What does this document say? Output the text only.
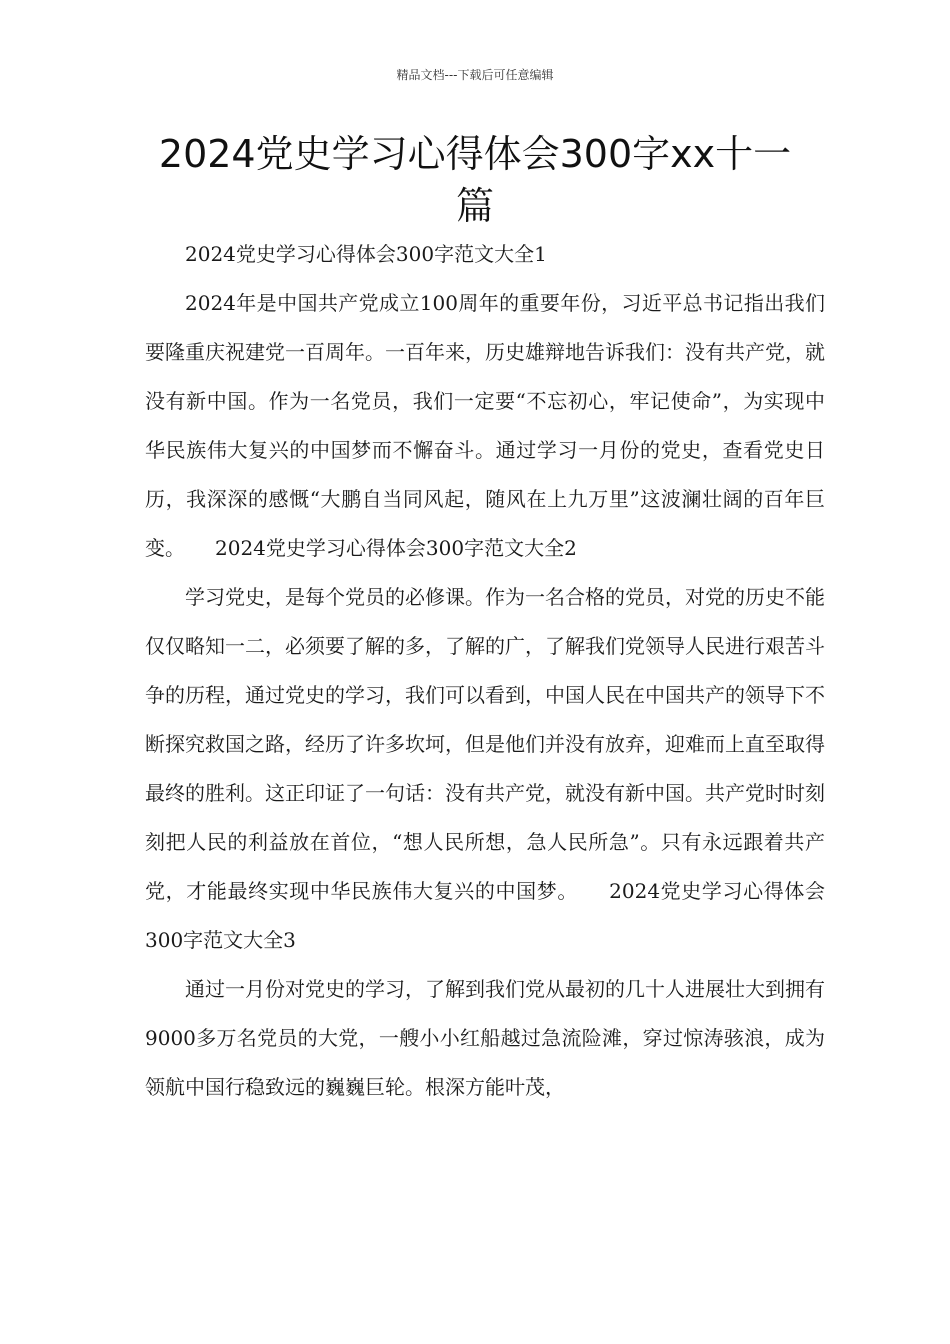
精品文档---下载后可任意编辑
2024党史学习心得体会300字xx十一篇

2024党史学习心得体会300字范文大全1

2024年是中国共产党成立100周年的重要年份，习近平总书记指出我们要隆重庆祝建党一百周年。一百年来，历史雄辩地告诉我们：没有共产党，就没有新中国。作为一名党员，我们一定要“不忘初心，牢记使命”，为实现中华民族伟大复兴的中国梦而不懈奋斗。通过学习一月份的党史，查看党史日历，我深深的感慨“大鹏自当同风起，随风在上九万里”这波澜壮阔的百年巨变。　　2024党史学习心得体会300字范文大全2

学习党史，是每个党员的必修课。作为一名合格的党员，对党的历史不能仅仅略知一二，必须要了解的多，了解的广，了解我们党领导人民进行艰苦斗争的历程，通过党史的学习，我们可以看到，中国人民在中国共产的领导下不断探究救国之路，经历了许多坎坷，但是他们并没有放弃，迎难而上直至取得最终的胜利。这正印证了一句话：没有共产党，就没有新中国。共产党时时刻刻把人民的利益放在首位，“想人民所想，急人民所急”。只有永远跟着共产党，才能最终实现中华民族伟大复兴的中国梦。　　2024党史学习心得体会300字范文大全3

通过一月份对党史的学习，了解到我们党从最初的几十人进展壮大到拥有9000多万名党员的大党，一艘小小红船越过急流险滩，穿过惊涛骇浪，成为领航中国行稳致远的巍巍巨轮。根深方能叶茂，
